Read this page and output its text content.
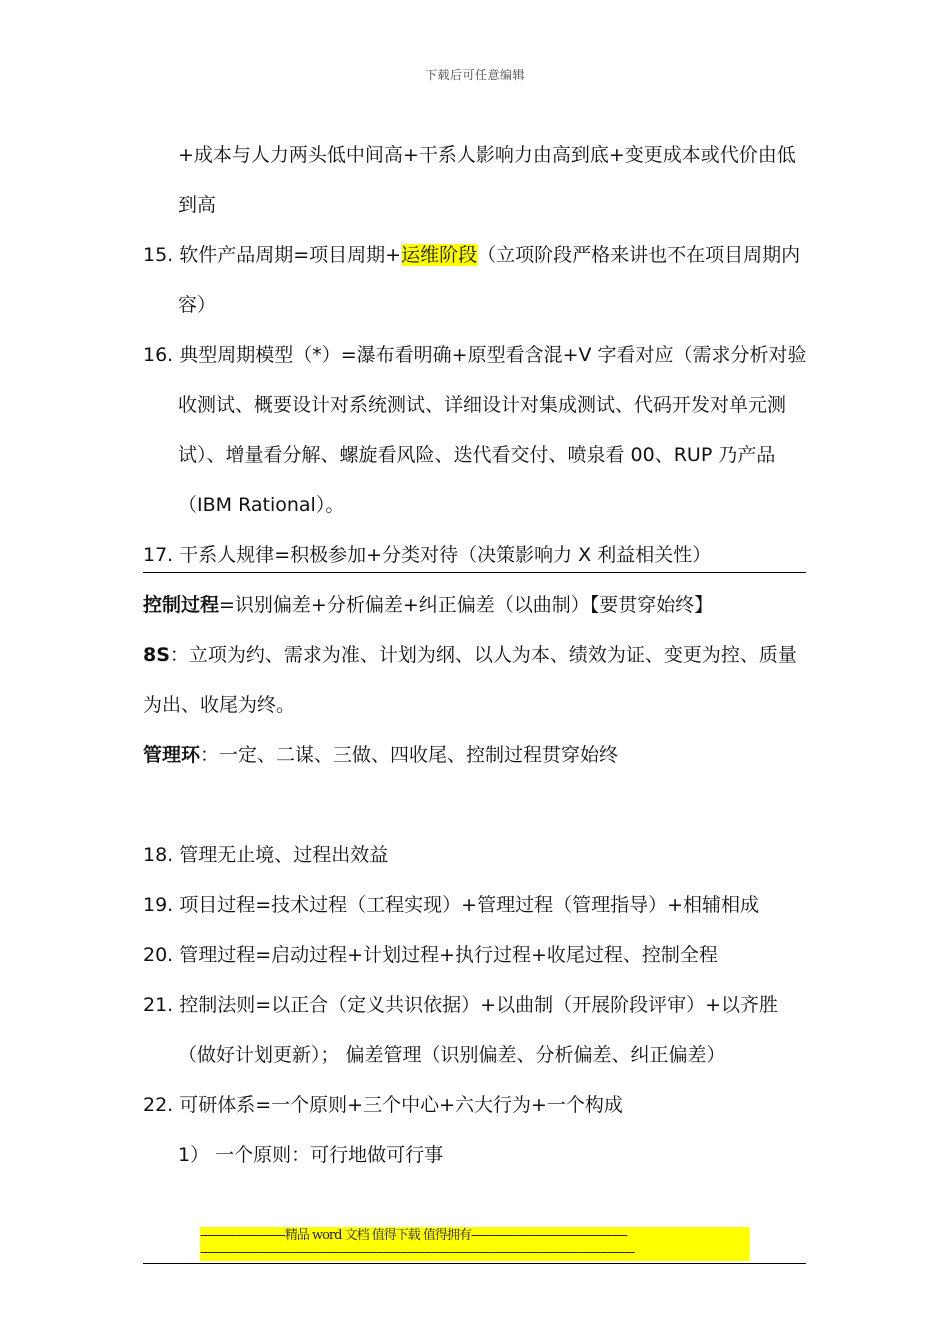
下载后可任意编辑
+成本与人力两头低中间高+干系人影响力由高到底+变更成本或代价由低
到高
15. 软件产品周期=项目周期+运维阶段（立项阶段严格来讲也不在项目周期内
容）
16. 典型周期模型（*）=瀑布看明确+原型看含混+V 字看对应（需求分析对验
收测试、概要设计对系统测试、详细设计对集成测试、代码开发对单元测
试）、增量看分解、螺旋看风险、迭代看交付、喷泉看 00、RUP 乃产品
（IBM Rational）。
17. 干系人规律=积极参加+分类对待（决策影响力 X 利益相关性）
控制过程=识别偏差+分析偏差+纠正偏差（以曲制）【要贯穿始终】
8S：立项为约、需求为准、计划为纲、以人为本、绩效为证、变更为控、质量
为出、收尾为终。
管理环：一定、二谋、三做、四收尾、控制过程贯穿始终
18. 管理无止境、过程出效益
19. 项目过程=技术过程（工程实现）+管理过程（管理指导）+相辅相成
20. 管理过程=启动过程+计划过程+执行过程+收尾过程、控制全程
21. 控制法则=以正合（定义共识依据）+以曲制（开展阶段评审）+以齐胜
（做好计划更新）； 偏差管理（识别偏差、分析偏差、纠正偏差）
22. 可研体系=一个原则+三个中心+六大行为+一个构成
1） 一个原则：可行地做可行事
-------------------------精品 word 文档 值得下载 值得拥有----------------------------------------------
--------------------------------------------------------------------------------------------------------------------------------
